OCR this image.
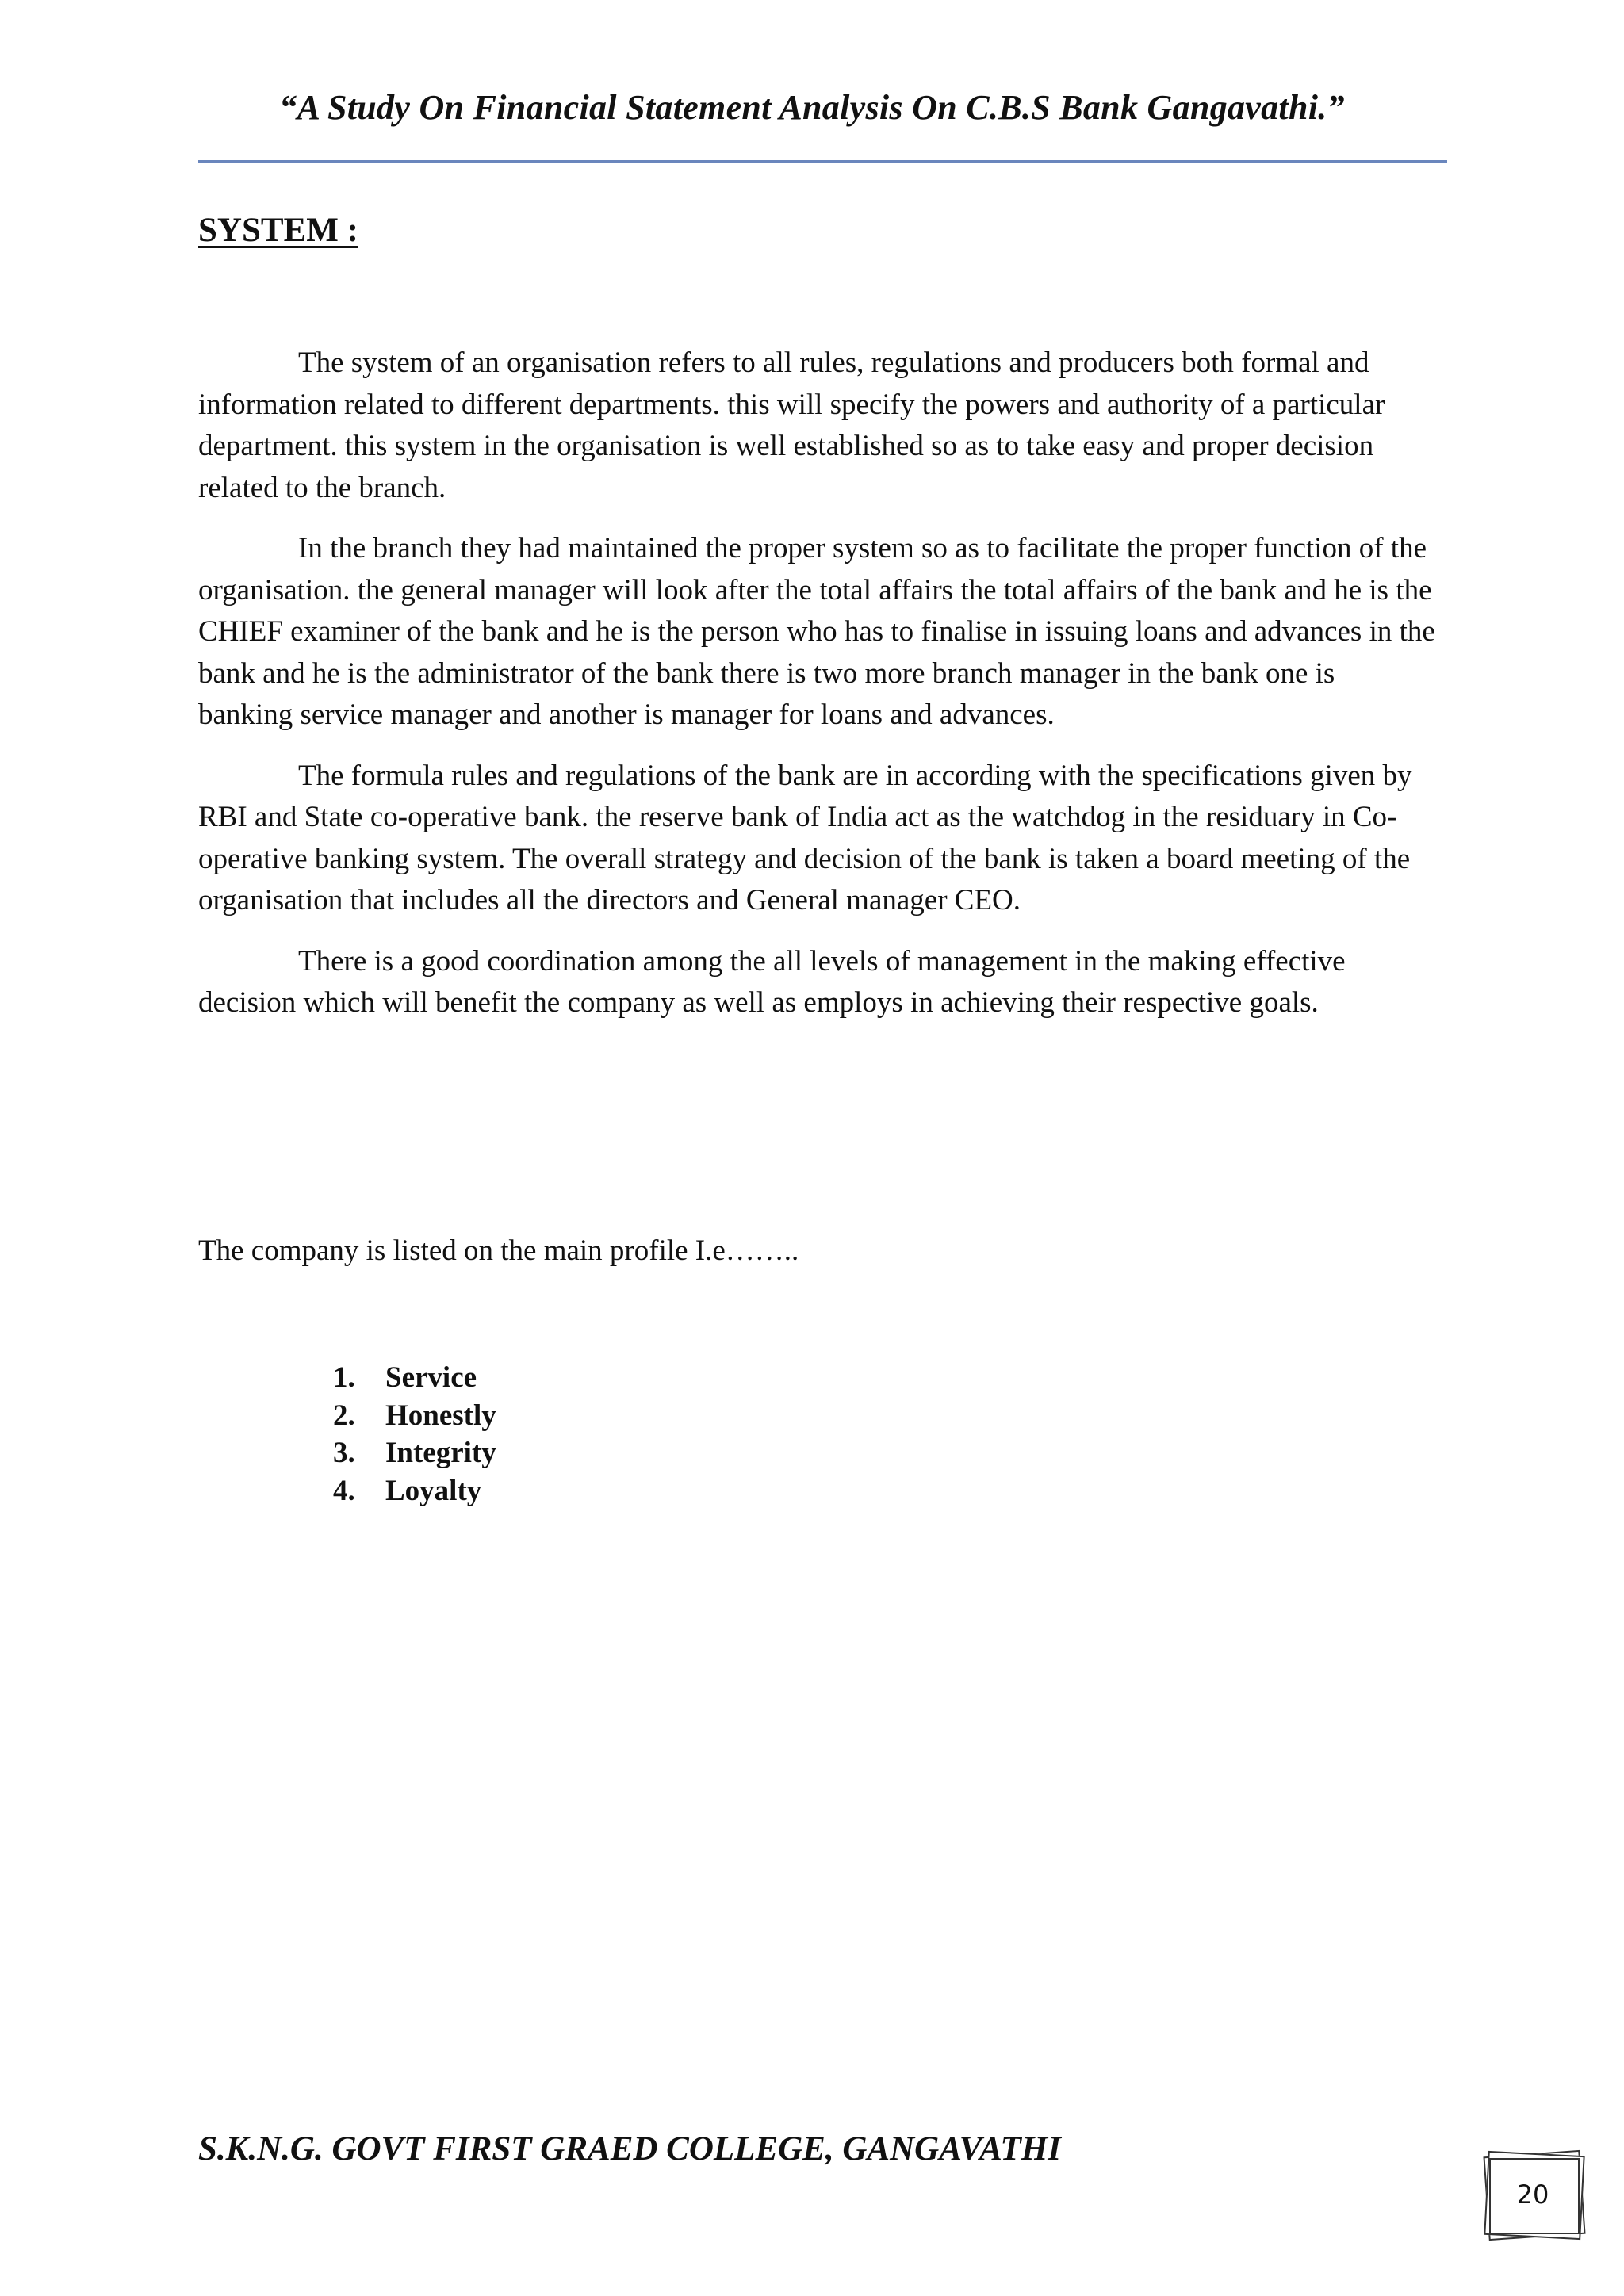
“A Study On Financial Statement Analysis On C.B.S Bank Gangavathi.”
SYSTEM :

The system of an organisation refers to all rules, regulations and producers both formal and information related to different departments. this will specify the powers and authority of a particular department. this system in the organisation is well established so as to take easy and proper decision related to the branch.

In the branch they had maintained the proper system so as to facilitate the proper function of the organisation. the general manager will look after the total affairs the total affairs of the bank and he is the CHIEF examiner of the bank and he is the person who has to finalise in issuing loans and advances in the bank and he is the administrator of the bank there is two more branch manager in the bank one is banking service manager and another is manager for loans and advances.

The formula rules and regulations of the bank are in according with the specifications given by RBI and State co-operative bank. the reserve bank of India act as the watchdog in the residuary in Co-operative banking system. The overall strategy and decision of the bank is taken a board meeting of the organisation that includes all the directors and General manager CEO.

There is a good coordination among the all levels of management in the making effective decision which will benefit the company as well as employs in achieving their respective goals.

The company is listed on the main profile I.e……..
1.	Service
2.	Honestly
3.	Integrity
4.	Loyalty
S.K.N.G. GOVT FIRST GRAED COLLEGE, GANGAVATHI
20
